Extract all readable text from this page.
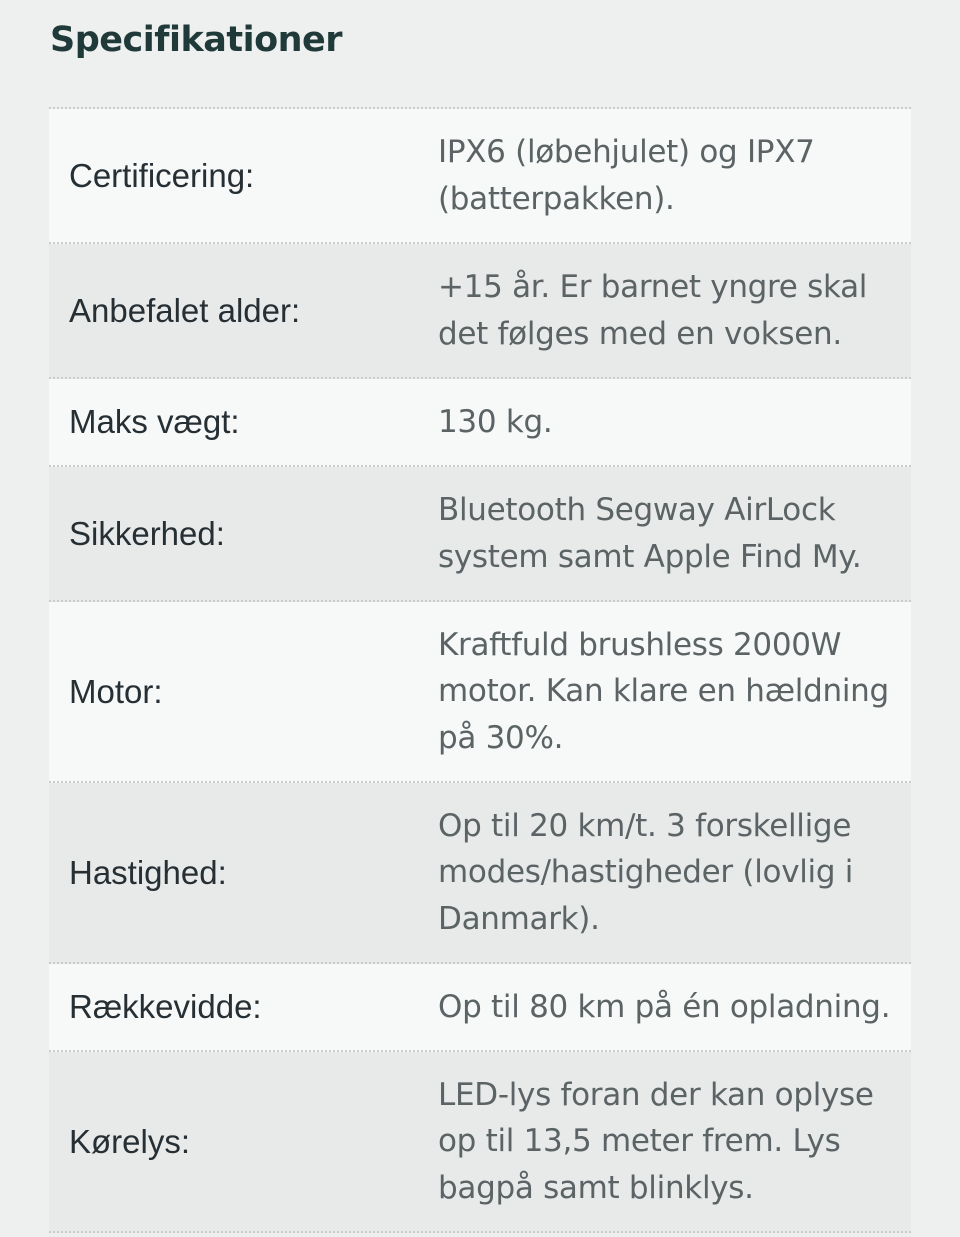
Specifikationer
Certificering:
IPX6 (løbehjulet) og IPX7 (batterpakken).
Anbefalet alder:
+15 år. Er barnet yngre skal det følges med en voksen.
Maks vægt:	130 kg.
Sikkerhed:
Bluetooth Segway AirLock system samt Apple Find My.
Motor:
Kraftfuld brushless 2000W motor. Kan klare en hældning på 30%.
Hastighed:
Op til 20 km/t. 3 forskellige modes/hastigheder (lovlig i Danmark).
Rækkevidde:	Op til 80 km på én opladning.
Kørelys:
LED-lys foran der kan oplyse op til 13,5 meter frem. Lys bagpå samt blinklys.
